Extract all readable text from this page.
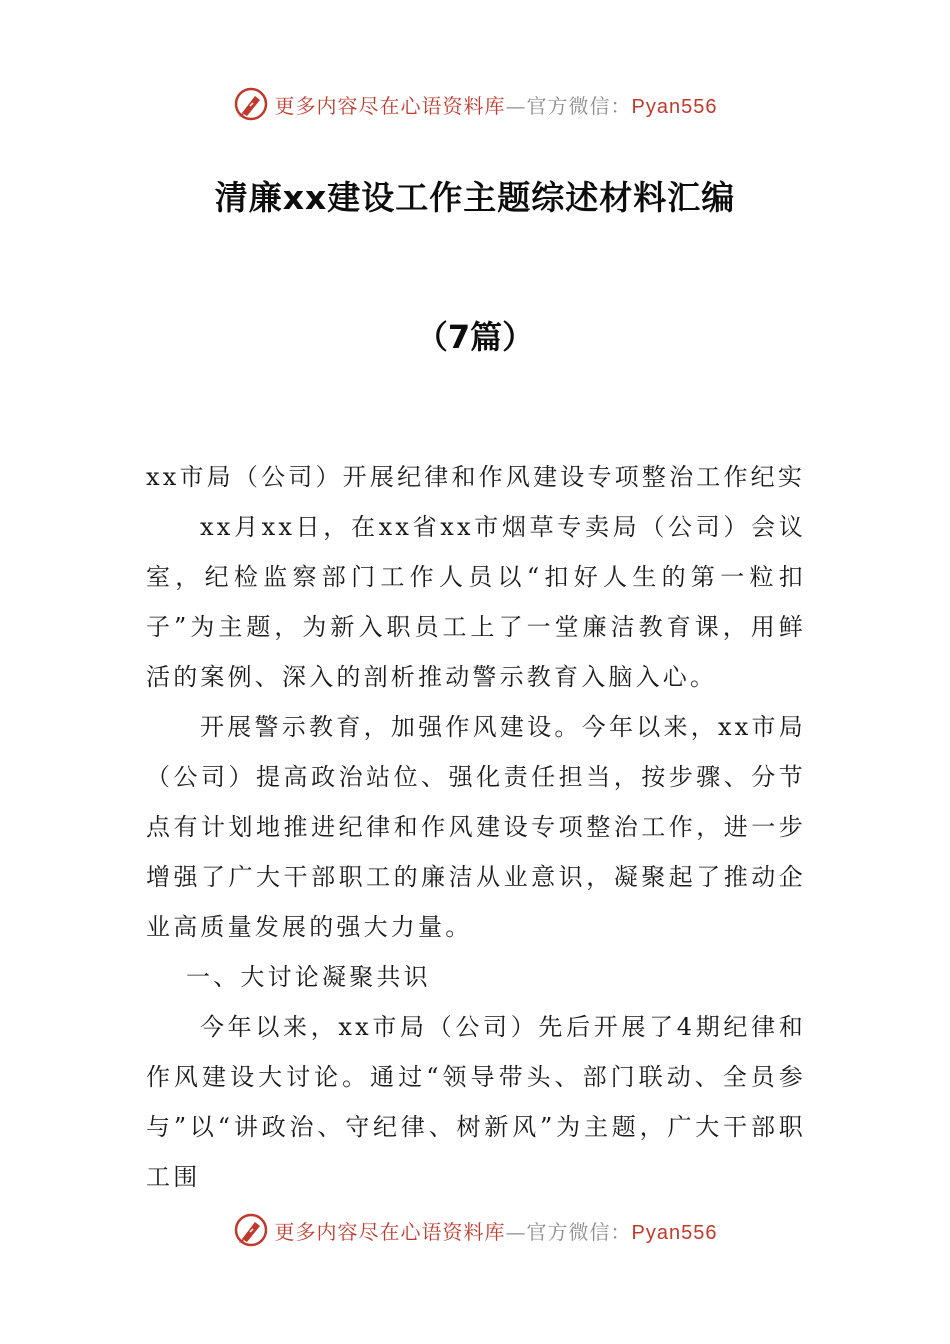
更多内容尽在心语资料库—官方微信：Pyan556
清廉xx建设工作主题综述材料汇编
（7篇）

xx市局（公司）开展纪律和作风建设专项整治工作纪实

xx月xx日，在xx省xx市烟草专卖局（公司）会议室，纪检监察部门工作人员以“扣好人生的第一粒扣子”为主题，为新入职员工上了一堂廉洁教育课，用鲜活的案例、深入的剖析推动警示教育入脑入心。

开展警示教育，加强作风建设。今年以来，xx市局（公司）提高政治站位、强化责任担当，按步骤、分节点有计划地推进纪律和作风建设专项整治工作，进一步增强了广大干部职工的廉洁从业意识，凝聚起了推动企业高质量发展的强大力量。

一、大讨论凝聚共识

今年以来，xx市局（公司）先后开展了4期纪律和作风建设大讨论。通过“领导带头、部门联动、全员参与”以“讲政治、守纪律、树新风”为主题，广大干部职工围

更多内容尽在心语资料库—官方微信：Pyan556
